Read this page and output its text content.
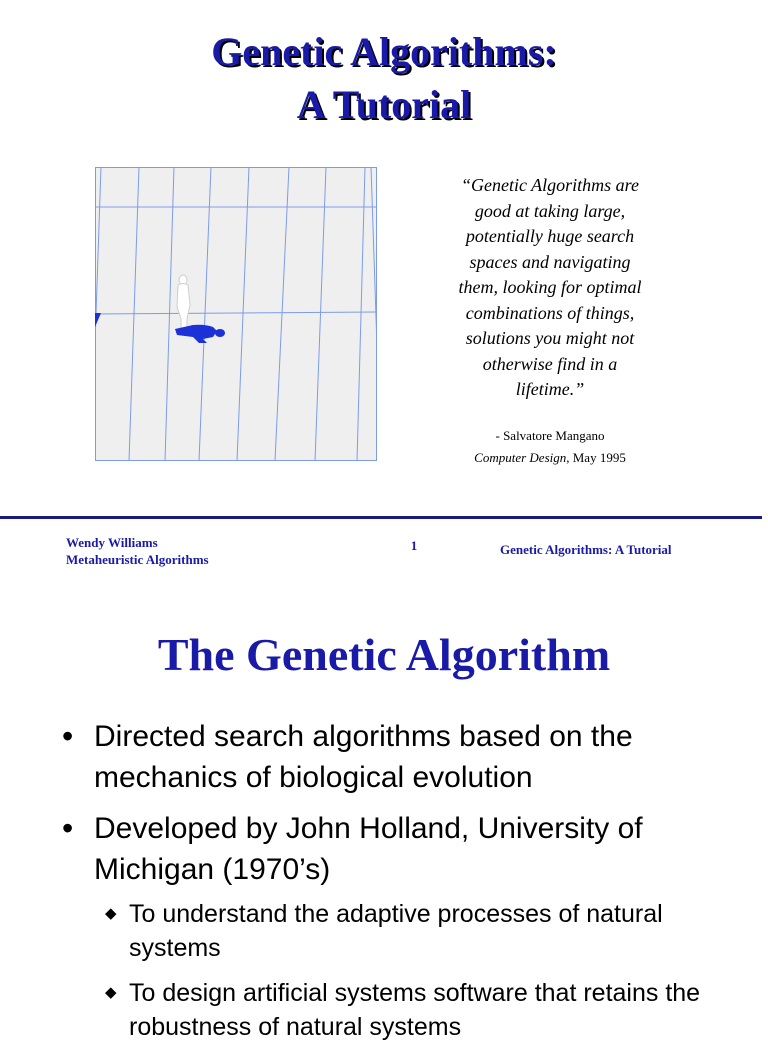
Genetic Algorithms:
A Tutorial
“Genetic Algorithms are
good at taking large,
potentially huge search
spaces and navigating
them, looking for optimal
combinations of things,
solutions you might not
otherwise find in a
lifetime.”
- Salvatore Mangano
Computer Design, May 1995
Wendy Williams
Metaheuristic Algorithms
1	Genetic Algorithms: A Tutorial
The Genetic Algorithm
• Directed search algorithms based on the mechanics of biological evolution
• Developed by John Holland, University of Michigan (1970’s)
◆ To understand the adaptive processes of natural systems
◆ To design artificial systems software that retains the robustness of natural systems
